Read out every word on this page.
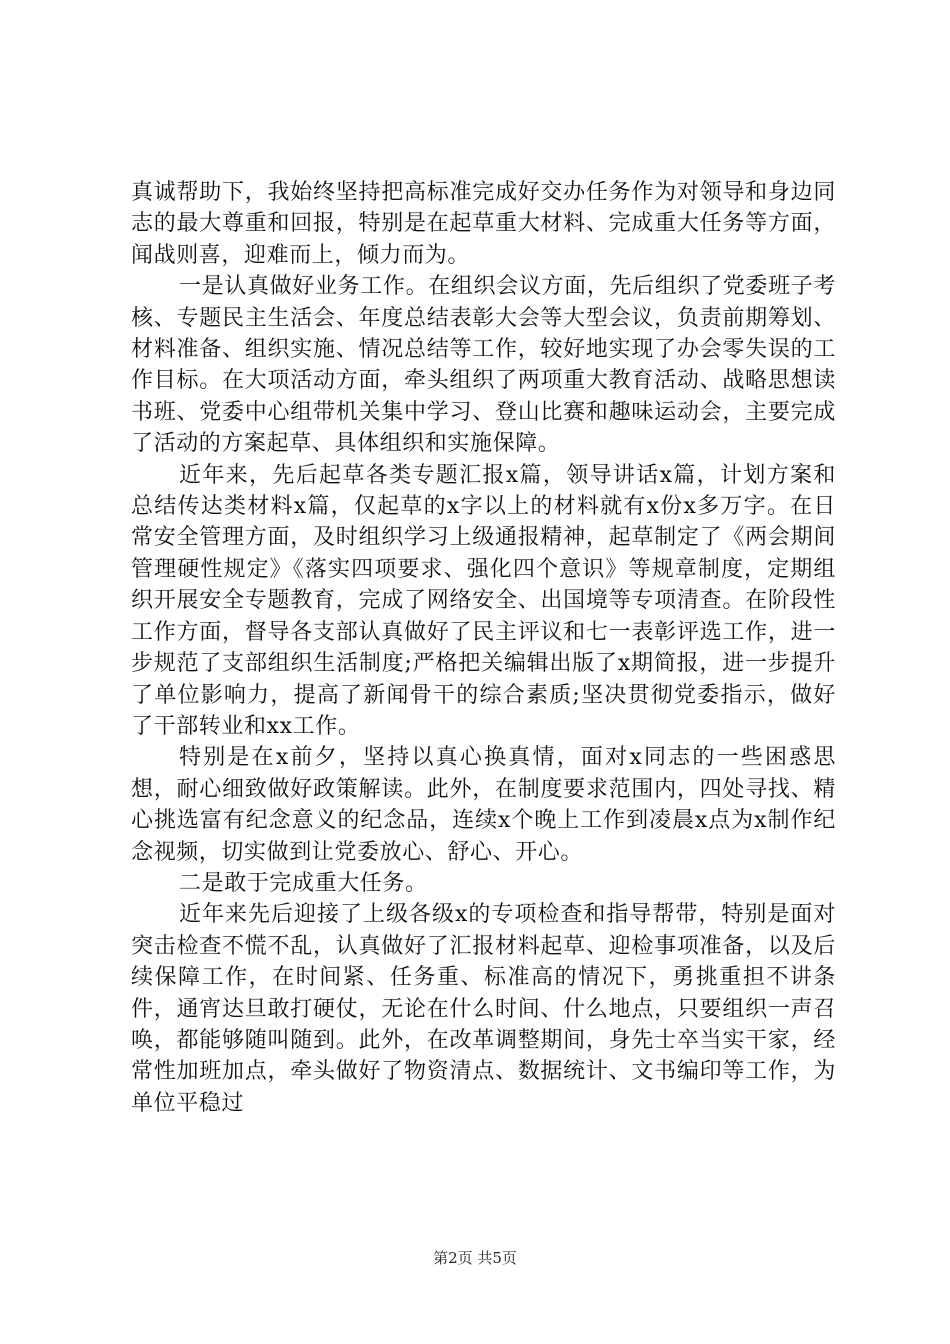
真诚帮助下，我始终坚持把高标准完成好交办任务作为对领导和身边同志的最大尊重和回报，特别是在起草重大材料、完成重大任务等方面，闻战则喜，迎难而上，倾力而为。

一是认真做好业务工作。在组织会议方面，先后组织了党委班子考核、专题民主生活会、年度总结表彰大会等大型会议，负责前期筹划、材料准备、组织实施、情况总结等工作，较好地实现了办会零失误的工作目标。在大项活动方面，牵头组织了两项重大教育活动、战略思想读书班、党委中心组带机关集中学习、登山比赛和趣味运动会，主要完成了活动的方案起草、具体组织和实施保障。

近年来，先后起草各类专题汇报x篇，领导讲话x篇，计划方案和总结传达类材料x篇，仅起草的x字以上的材料就有x份x多万字。在日常安全管理方面，及时组织学习上级通报精神，起草制定了《两会期间管理硬性规定》《落实四项要求、强化四个意识》等规章制度，定期组织开展安全专题教育，完成了网络安全、出国境等专项清查。在阶段性工作方面，督导各支部认真做好了民主评议和七一表彰评选工作，进一步规范了支部组织生活制度;严格把关编辑出版了x期简报，进一步提升了单位影响力，提高了新闻骨干的综合素质;坚决贯彻党委指示，做好了干部转业和xx工作。

特别是在x前夕，坚持以真心换真情，面对x同志的一些困惑思想，耐心细致做好政策解读。此外，在制度要求范围内，四处寻找、精心挑选富有纪念意义的纪念品，连续x个晚上工作到凌晨x点为x制作纪念视频，切实做到让党委放心、舒心、开心。

二是敢于完成重大任务。

近年来先后迎接了上级各级x的专项检查和指导帮带，特别是面对突击检查不慌不乱，认真做好了汇报材料起草、迎检事项准备，以及后续保障工作，在时间紧、任务重、标准高的情况下，勇挑重担不讲条件，通宵达旦敢打硬仗，无论在什么时间、什么地点，只要组织一声召唤，都能够随叫随到。此外，在改革调整期间，身先士卒当实干家，经常性加班加点，牵头做好了物资清点、数据统计、文书编印等工作，为单位平稳过

第2页 共5页
